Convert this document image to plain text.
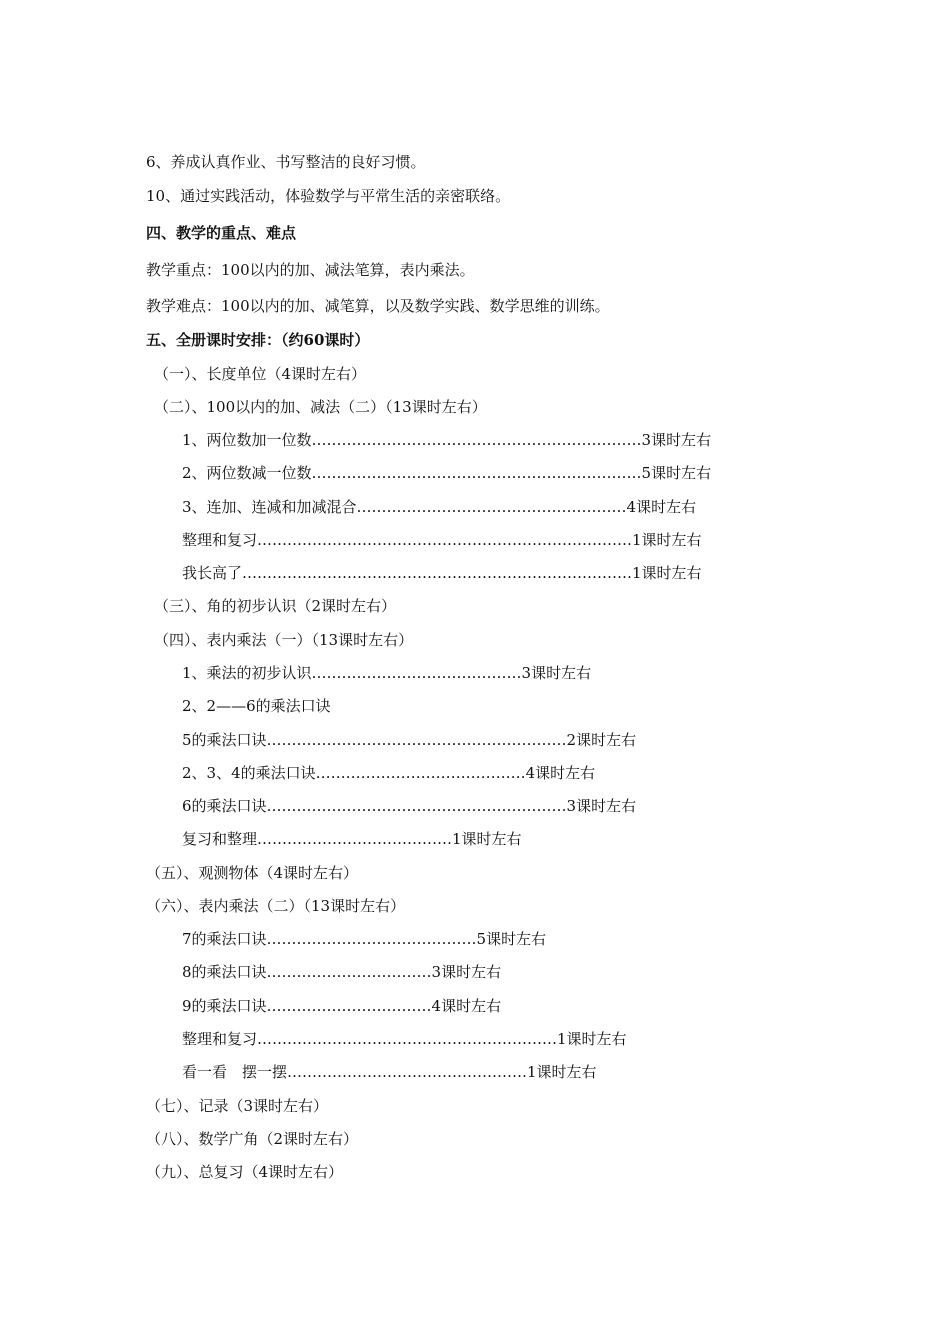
6、养成认真作业、书写整洁的良好习惯。
10、通过实践活动，体验数学与平常生活的亲密联络。
四、教学的重点、难点
教学重点：100以内的加、减法笔算，表内乘法。
教学难点：100以内的加、减笔算，以及数学实践、数学思维的训练。
五、全册课时安排：（约60课时）
（一）、长度单位（4课时左右）
（二）、100以内的加、减法（二）（13课时左右）
1、两位数加一位数…………………………………………………………3课时左右
2、两位数减一位数…………………………………………………………5课时左右
3、连加、连减和加减混合………………………………………………4课时左右
整理和复习…………………………………………………………………1课时左右
我长高了……………………………………………………………………1课时左右
（三）、角的初步认识（2课时左右）
（四）、表内乘法（一）（13课时左右）
1、乘法的初步认识……………………………………3课时左右
2、2——6的乘法口诀
5的乘法口诀……………………………………………………2课时左右
2、3、4的乘法口诀……………………………………4课时左右
6的乘法口诀……………………………………………………3课时左右
复习和整理…………………………………1课时左右
（五）、观测物体（4课时左右）
（六）、表内乘法（二）（13课时左右）
7的乘法口诀……………………………………5课时左右
8的乘法口诀……………………………3课时左右
9的乘法口诀……………………………4课时左右
整理和复习……………………………………………………1课时左右
看一看　摆一摆…………………………………………1课时左右
（七）、记录（3课时左右）
（八）、数学广角（2课时左右）
（九）、总复习（4课时左右）
